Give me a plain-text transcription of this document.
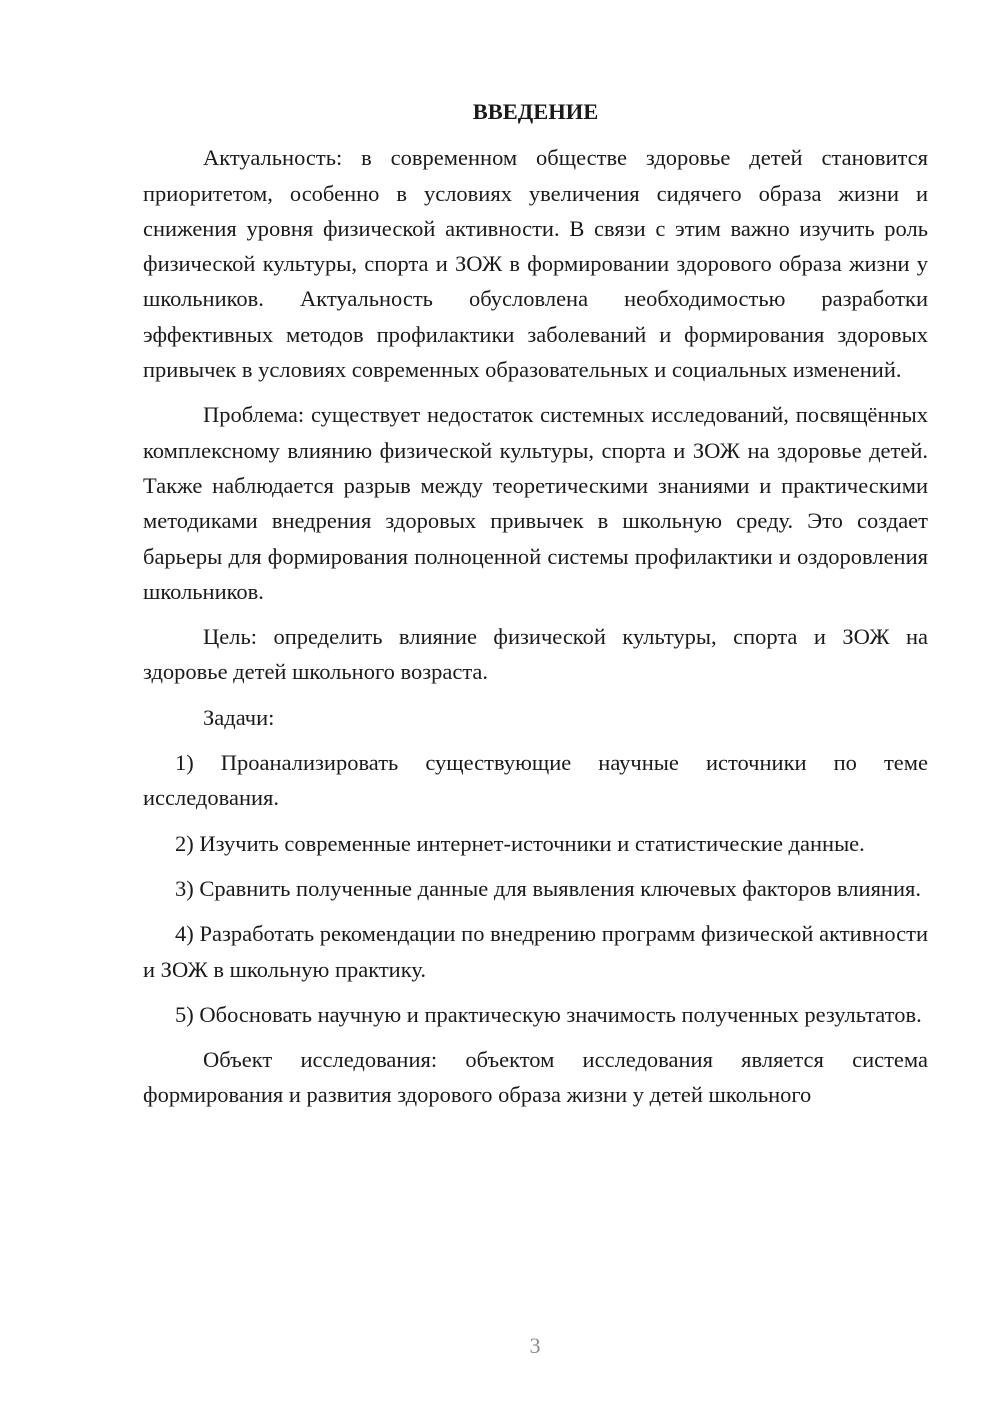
ВВЕДЕНИЕ

Актуальность: в современном обществе здоровье детей становится приоритетом, особенно в условиях увеличения сидячего образа жизни и снижения уровня физической активности. В связи с этим важно изучить роль физической культуры, спорта и ЗОЖ в формировании здорового образа жизни у школьников. Актуальность обусловлена необходимостью разработки эффективных методов профилактики заболеваний и формирования здоровых привычек в условиях современных образовательных и социальных изменений.

Проблема: существует недостаток системных исследований, посвящённых комплексному влиянию физической культуры, спорта и ЗОЖ на здоровье детей. Также наблюдается разрыв между теоретическими знаниями и практическими методиками внедрения здоровых привычек в школьную среду. Это создает барьеры для формирования полноценной системы профилактики и оздоровления школьников.

Цель: определить влияние физической культуры, спорта и ЗОЖ на здоровье детей школьного возраста.

Задачи:

1) Проанализировать существующие научные источники по теме исследования.
2) Изучить современные интернет-источники и статистические данные.
3) Сравнить полученные данные для выявления ключевых факторов влияния.
4) Разработать рекомендации по внедрению программ физической активности и ЗОЖ в школьную практику.
5) Обосновать научную и практическую значимость полученных результатов.

Объект исследования: объектом исследования является система формирования и развития здорового образа жизни у детей школьного

3
